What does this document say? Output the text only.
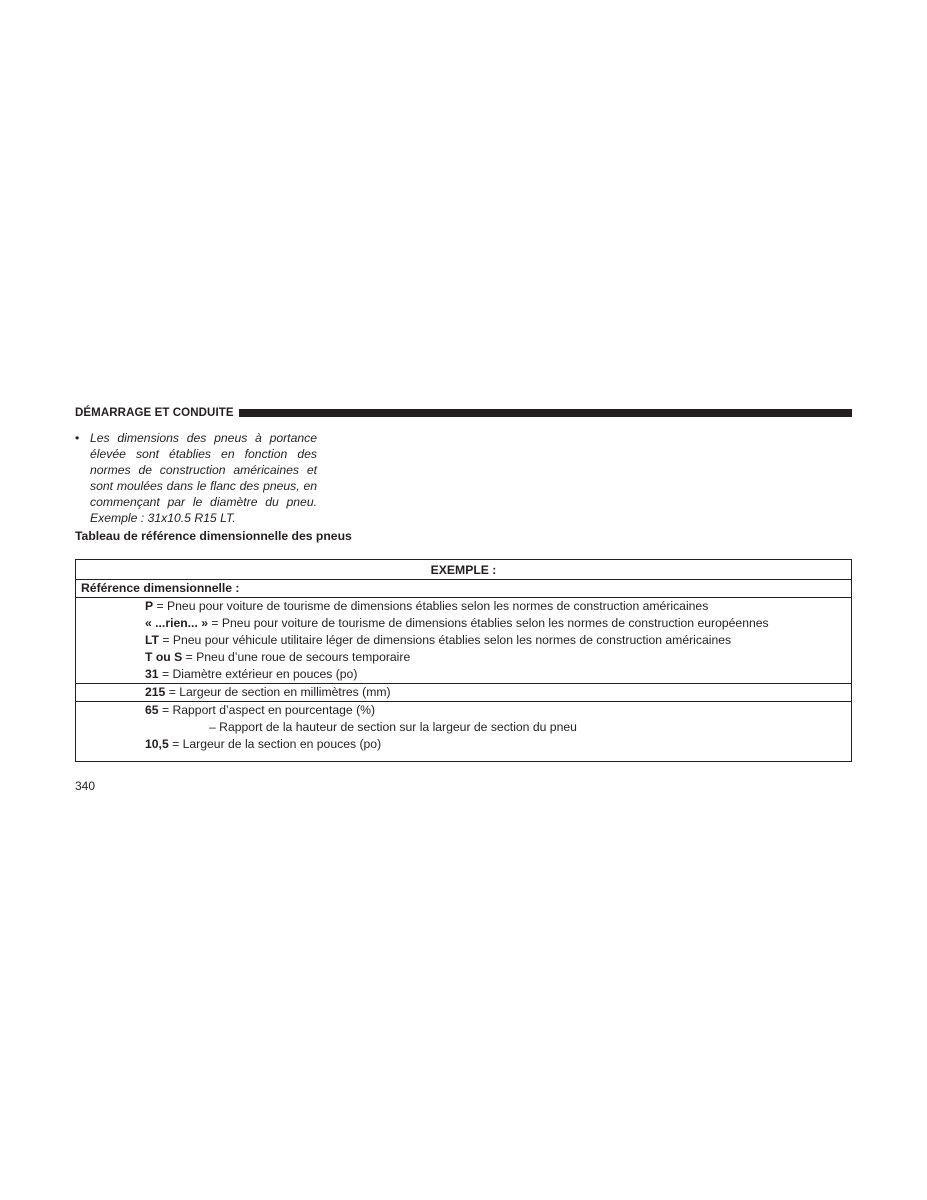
DÉMARRAGE ET CONDUITE
• Les dimensions des pneus à portance élevée sont établies en fonction des normes de construction américaines et sont moulées dans le flanc des pneus, en commençant par le diamètre du pneu. Exemple : 31x10.5 R15 LT.
Tableau de référence dimensionnelle des pneus
EXEMPLE :
Référence dimensionnelle :
P = Pneu pour voiture de tourisme de dimensions établies selon les normes de construction américaines
« ...rien... » = Pneu pour voiture de tourisme de dimensions établies selon les normes de construction européennes
LT = Pneu pour véhicule utilitaire léger de dimensions établies selon les normes de construction américaines
T ou S = Pneu d’une roue de secours temporaire
31 = Diamètre extérieur en pouces (po)
215 = Largeur de section en millimètres (mm)
65 = Rapport d’aspect en pourcentage (%)
– Rapport de la hauteur de section sur la largeur de section du pneu
10,5 = Largeur de la section en pouces (po)
340
